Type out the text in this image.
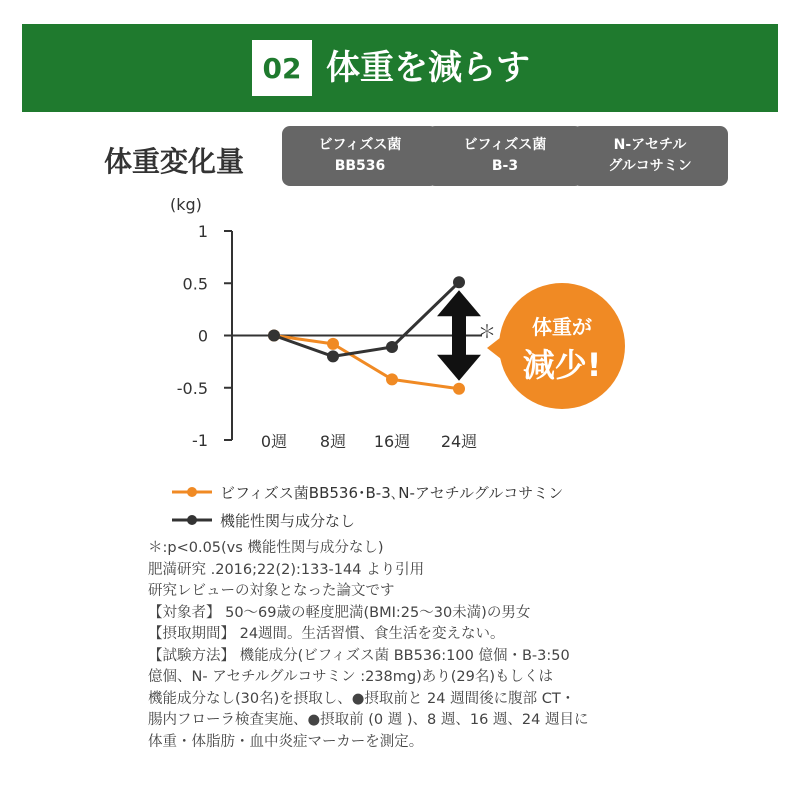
02 体重を減らす
体重変化量	ビフィズス菌
BB536
ビフィズス菌
B-3
N-アセチル
グルコサミン
1
0.5
0
-0.5
-1
(kg)
0週 8週 16週 24週
＊ 体重が
減少!
ビフィズス菌BB536･B-3､N-アセチルグルコサミン
機能性関与成分なし
＊:p<0.05(vs 機能性関与成分なし)
肥満研究 .2016;22(2):133-144 より引用
研究レビューの対象となった論文です
【対象者】 50～69歳の軽度肥満(BMI:25～30未満)の男女
【摂取期間】 24週間。生活習慣、食生活を変えない。
【試験方法】 機能成分(ビフィズス菌 BB536:100 億個・B-3:50
億個、N- アセチルグルコサミン :238mg)あり(29名)もしくは
機能成分なし(30名)を摂取し、●摂取前と 24 週間後に腹部 CT・
腸内フローラ検査実施、●摂取前 (0 週 )、8 週、16 週、24 週目に
体重・体脂肪・血中炎症マーカーを測定。
